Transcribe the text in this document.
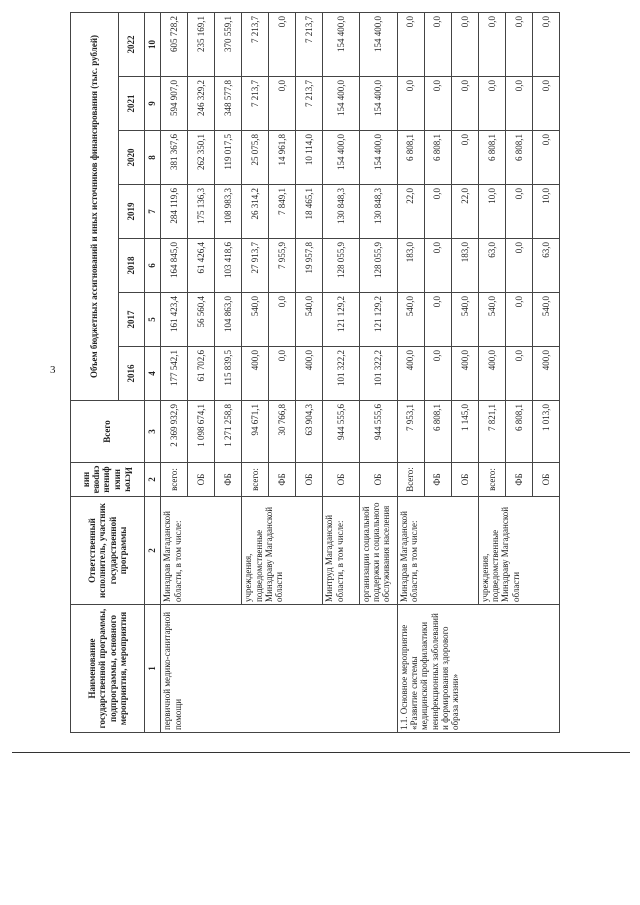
3
Наименование государственной программы, подпрограммы, основного мероприятия, мероприятия	Ответственный исполнитель, участник государственной программы	Источники финансирования	Всего	Объем бюджетных ассигнований и иных источников финансирования (тыс. рублей)						
				2016	2017	2018	2019	2020	2021	2022
1	2	2	3	4	5	6	7	8	9	10
первичной медико-санитарной помощи	Минздрав Магаданской области, в том числе:	всего:	2 369 932,9	177 542,1	161 423,4	164 845,0	284 119,6	381 367,6	594 907,0	605 728,2
		ОБ	1 098 674,1	61 702,6	56 560,4	61 426,4	175 136,3	262 350,1	246 329,2	235 169,1
		ФБ	1 271 258,8	115 839,5	104 863,0	103 418,6	108 983,3	119 017,5	348 577,8	370 559,1
	учреждения, подведомственные Минздраву Магаданской области	всего:	94 671,1	400,0	540,0	27 913,7	26 314,2	25 075,8	7 213,7	7 213,7
		ФБ	30 766,8	0,0	0,0	7 955,9	7 849,1	14 961,8	0,0	0,0
		ОБ	63 904,3	400,0	540,0	19 957,8	18 465,1	10 114,0	7 213,7	7 213,7
	Минтруд Магаданской области, в том числе:	ОБ	944 555,6	101 322,2	121 129,2	128 055,9	130 848,3	154 400,0	154 400,0	154 400,0
	организации социальной поддержки и социального обслуживания населения	ОБ	944 555,6	101 322,2	121 129,2	128 055,9	130 848,3	154 400,0	154 400,0	154 400,0
1.1. Основное мероприятие «Развитие системы медицинской профилактики неинфекционных заболеваний и формирования здорового образа жизни»	Минздрав Магаданской области, в том числе:	Всего:	7 953,1	400,0	540,0	183,0	22,0	6 808,1	0,0	0,0
		ФБ	6 808,1	0,0	0,0	0,0	0,0	6 808,1	0,0	0,0
		ОБ	1 145,0	400,0	540,0	183,0	22,0	0,0	0,0	0,0
	учреждения, подведомственные Минздраву Магаданской области	всего:	7 821,1	400,0	540,0	63,0	10,0	6 808,1	0,0	0,0
		ФБ	6 808,1	0,0	0,0	0,0	0,0	6 808,1	0,0	0,0
		ОБ	1 013,0	400,0	540,0	63,0	10,0	0,0	0,0	0,0
